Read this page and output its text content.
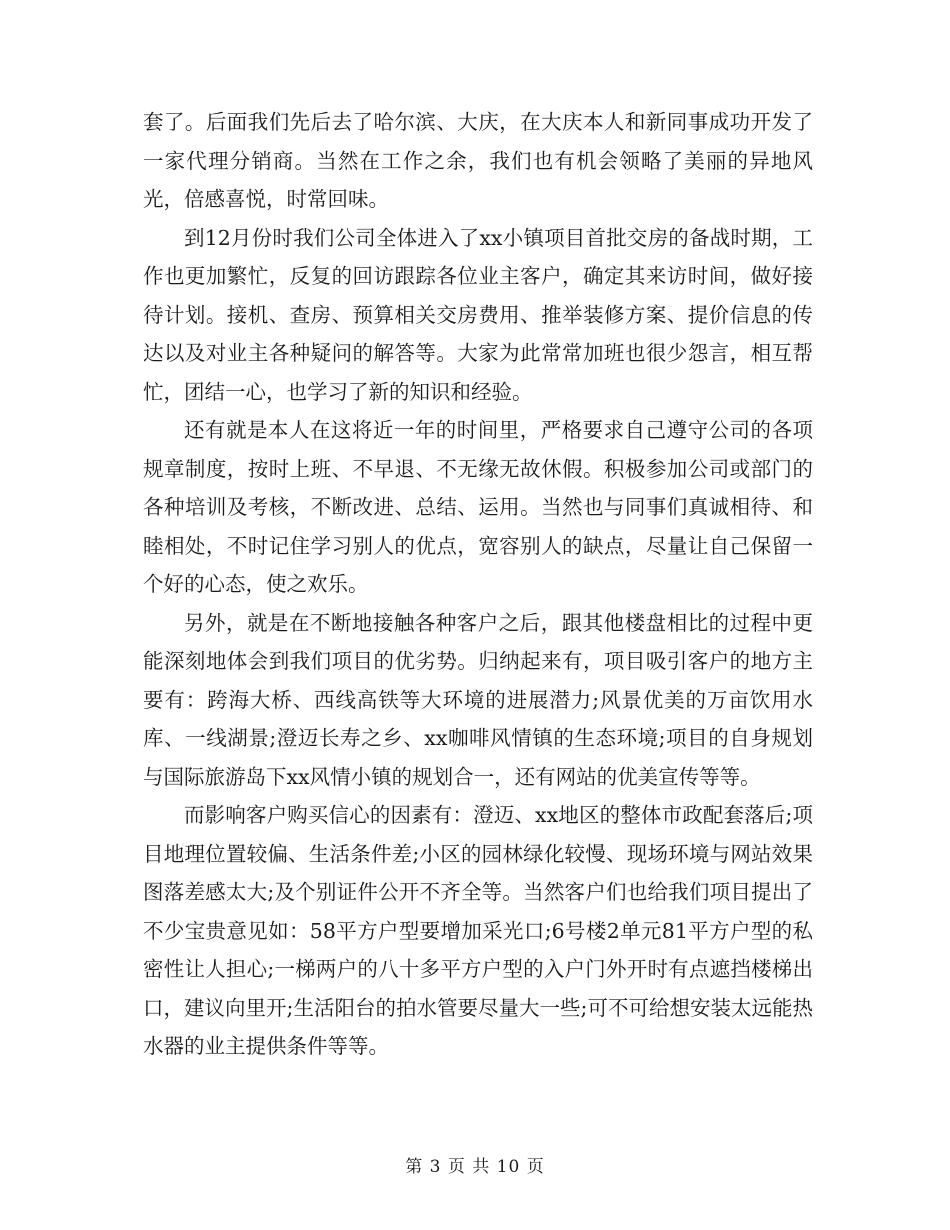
套了。后面我们先后去了哈尔滨、大庆，在大庆本人和新同事成功开发了一家代理分销商。当然在工作之余，我们也有机会领略了美丽的异地风光，倍感喜悦，时常回味。

到12月份时我们公司全体进入了xx小镇项目首批交房的备战时期，工作也更加繁忙，反复的回访跟踪各位业主客户，确定其来访时间，做好接待计划。接机、查房、预算相关交房费用、推举装修方案、提价信息的传达以及对业主各种疑问的解答等。大家为此常常加班也很少怨言，相互帮忙，团结一心，也学习了新的知识和经验。

还有就是本人在这将近一年的时间里，严格要求自己遵守公司的各项规章制度，按时上班、不早退、不无缘无故休假。积极参加公司或部门的各种培训及考核，不断改进、总结、运用。当然也与同事们真诚相待、和睦相处，不时记住学习别人的优点，宽容别人的缺点，尽量让自己保留一个好的心态，使之欢乐。

另外，就是在不断地接触各种客户之后，跟其他楼盘相比的过程中更能深刻地体会到我们项目的优劣势。归纳起来有，项目吸引客户的地方主要有：跨海大桥、西线高铁等大环境的进展潜力;风景优美的万亩饮用水库、一线湖景;澄迈长寿之乡、xx咖啡风情镇的生态环境;项目的自身规划与国际旅游岛下xx风情小镇的规划合一，还有网站的优美宣传等等。

而影响客户购买信心的因素有：澄迈、xx地区的整体市政配套落后;项目地理位置较偏、生活条件差;小区的园林绿化较慢、现场环境与网站效果图落差感太大;及个别证件公开不齐全等。当然客户们也给我们项目提出了不少宝贵意见如：58平方户型要增加采光口;6号楼2单元81平方户型的私密性让人担心;一梯两户的八十多平方户型的入户门外开时有点遮挡楼梯出口，建议向里开;生活阳台的拍水管要尽量大一些;可不可给想安装太远能热水器的业主提供条件等等。

第 3 页 共 10 页
